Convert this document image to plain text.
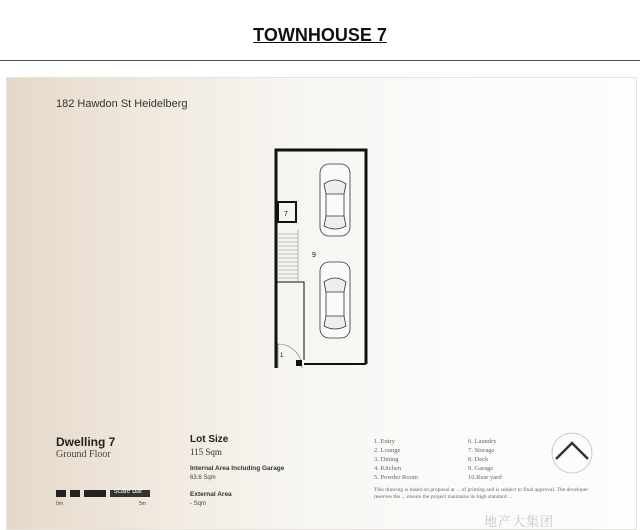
TOWNHOUSE 7
182 Hawdon St Heidelberg
7
1
9
Dwelling 7
Ground Floor
Lot Size
115 Sqm
Internal Area Including Garage
63.6 Sqm
External Area
- Sqm
1. Entry
2. Lounge
3. Dining
4. Kitchen
5. Powder Room
6. Laundry
7. Storage
8. Deck
9. Garage
10.Rear yard
This drawing is based on proposal at ... of printing and is subject to final approval. The developer reserves the ... ensure the project maintains its high standard ...
地产大集团
scale bar
0m	5m
